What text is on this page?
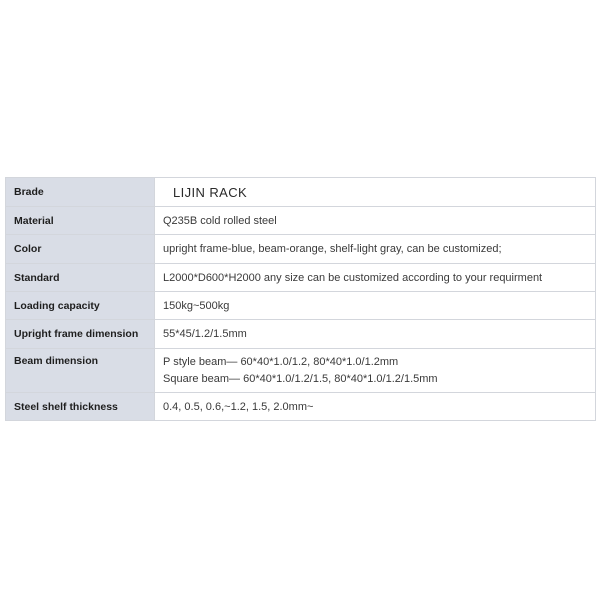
Brade	LIJIN RACK
Material	Q235B cold rolled steel
Color	upright frame-blue, beam-orange, shelf-light gray, can be customized;
Standard	L2000*D600*H2000 any size can be customized according to your requirment
Loading capacity	150kg~500kg
Upright frame dimension	55*45/1.2/1.5mm
Beam dimension	P style beam— 60*40*1.0/1.2, 80*40*1.0/1.2mm
Square beam— 60*40*1.0/1.2/1.5, 80*40*1.0/1.2/1.5mm

Steel shelf thickness	0.4, 0.5, 0.6,~1.2, 1.5, 2.0mm~
